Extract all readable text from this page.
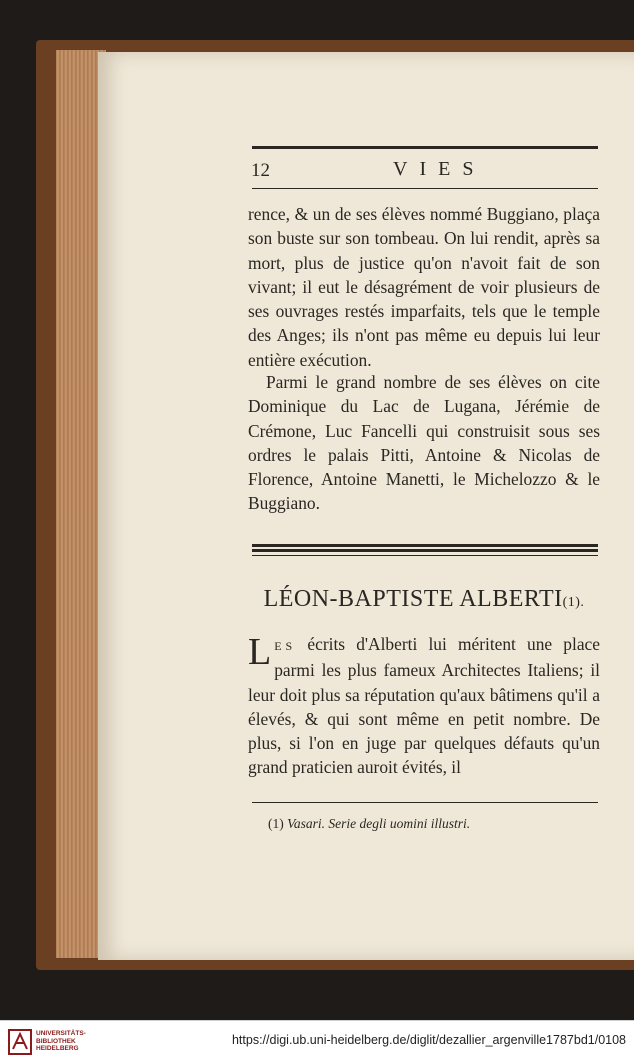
12	VIES
rence, & un de ses élèves nommé Buggiano, plaça son buste sur son tombeau. On lui rendit, après sa mort, plus de justice qu'on n'avoit fait de son vivant; il eut le désagrément de voir plusieurs de ses ouvrages restés imparfaits, tels que le temple des Anges; ils n'ont pas même eu depuis lui leur entière exécution.
Parmi le grand nombre de ses élèves on cite Dominique du Lac de Lugana, Jérémie de Crémone, Luc Fancelli qui construisit sous ses ordres le palais Pitti, Antoine & Nicolas de Florence, Antoine Manetti, le Michelozzo & le Buggiano.
LÉON-BAPTISTE ALBERTI(1).
LES écrits d'Alberti lui méritent une place parmi les plus fameux Architectes Italiens; il leur doit plus sa réputation qu'aux bâtimens qu'il a élevés, & qui sont même en petit nombre. De plus, si l'on en juge par quelques défauts qu'un grand praticien auroit évités, il
(1) Vasari. Serie degli uomini illustri.
UNIVERSITÄTS-
BIBLIOTHEK
HEIDELBERG
https://digi.ub.uni-heidelberg.de/diglit/dezallier_argenville1787bd1/0108
